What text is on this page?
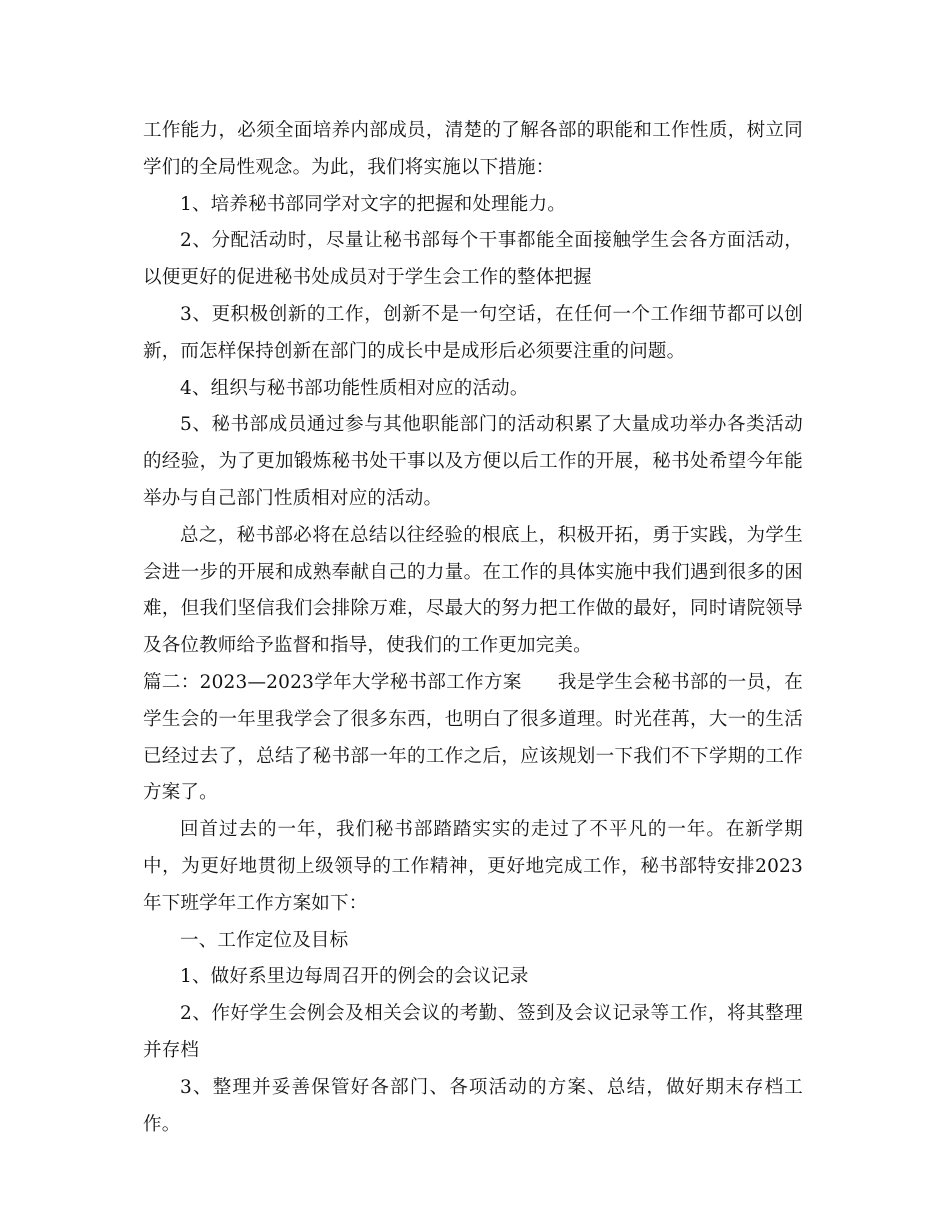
工作能力，必须全面培养内部成员，清楚的了解各部的职能和工作性质，树立同学们的全局性观念。为此，我们将实施以下措施：

1、培养秘书部同学对文字的把握和处理能力。

2、分配活动时，尽量让秘书部每个干事都能全面接触学生会各方面活动，以便更好的促进秘书处成员对于学生会工作的整体把握

3、更积极创新的工作，创新不是一句空话，在任何一个工作细节都可以创新，而怎样保持创新在部门的成长中是成形后必须要注重的问题。

4、组织与秘书部功能性质相对应的活动。

5、秘书部成员通过参与其他职能部门的活动积累了大量成功举办各类活动的经验，为了更加锻炼秘书处干事以及方便以后工作的开展，秘书处希望今年能举办与自己部门性质相对应的活动。

总之，秘书部必将在总结以往经验的根底上，积极开拓，勇于实践，为学生会进一步的开展和成熟奉献自己的力量。在工作的具体实施中我们遇到很多的困难，但我们坚信我们会排除万难，尽最大的努力把工作做的最好，同时请院领导及各位教师给予监督和指导，使我们的工作更加完美。

篇二：2023—2023学年大学秘书部工作方案 我是学生会秘书部的一员，在学生会的一年里我学会了很多东西，也明白了很多道理。时光荏苒，大一的生活已经过去了，总结了秘书部一年的工作之后，应该规划一下我们不下学期的工作方案了。

回首过去的一年，我们秘书部踏踏实实的走过了不平凡的一年。在新学期中，为更好地贯彻上级领导的工作精神，更好地完成工作，秘书部特安排2023年下班学年工作方案如下：

一、工作定位及目标

1、做好系里边每周召开的例会的会议记录

2、作好学生会例会及相关会议的考勤、签到及会议记录等工作，将其整理并存档

3、整理并妥善保管好各部门、各项活动的方案、总结，做好期末存档工作。
